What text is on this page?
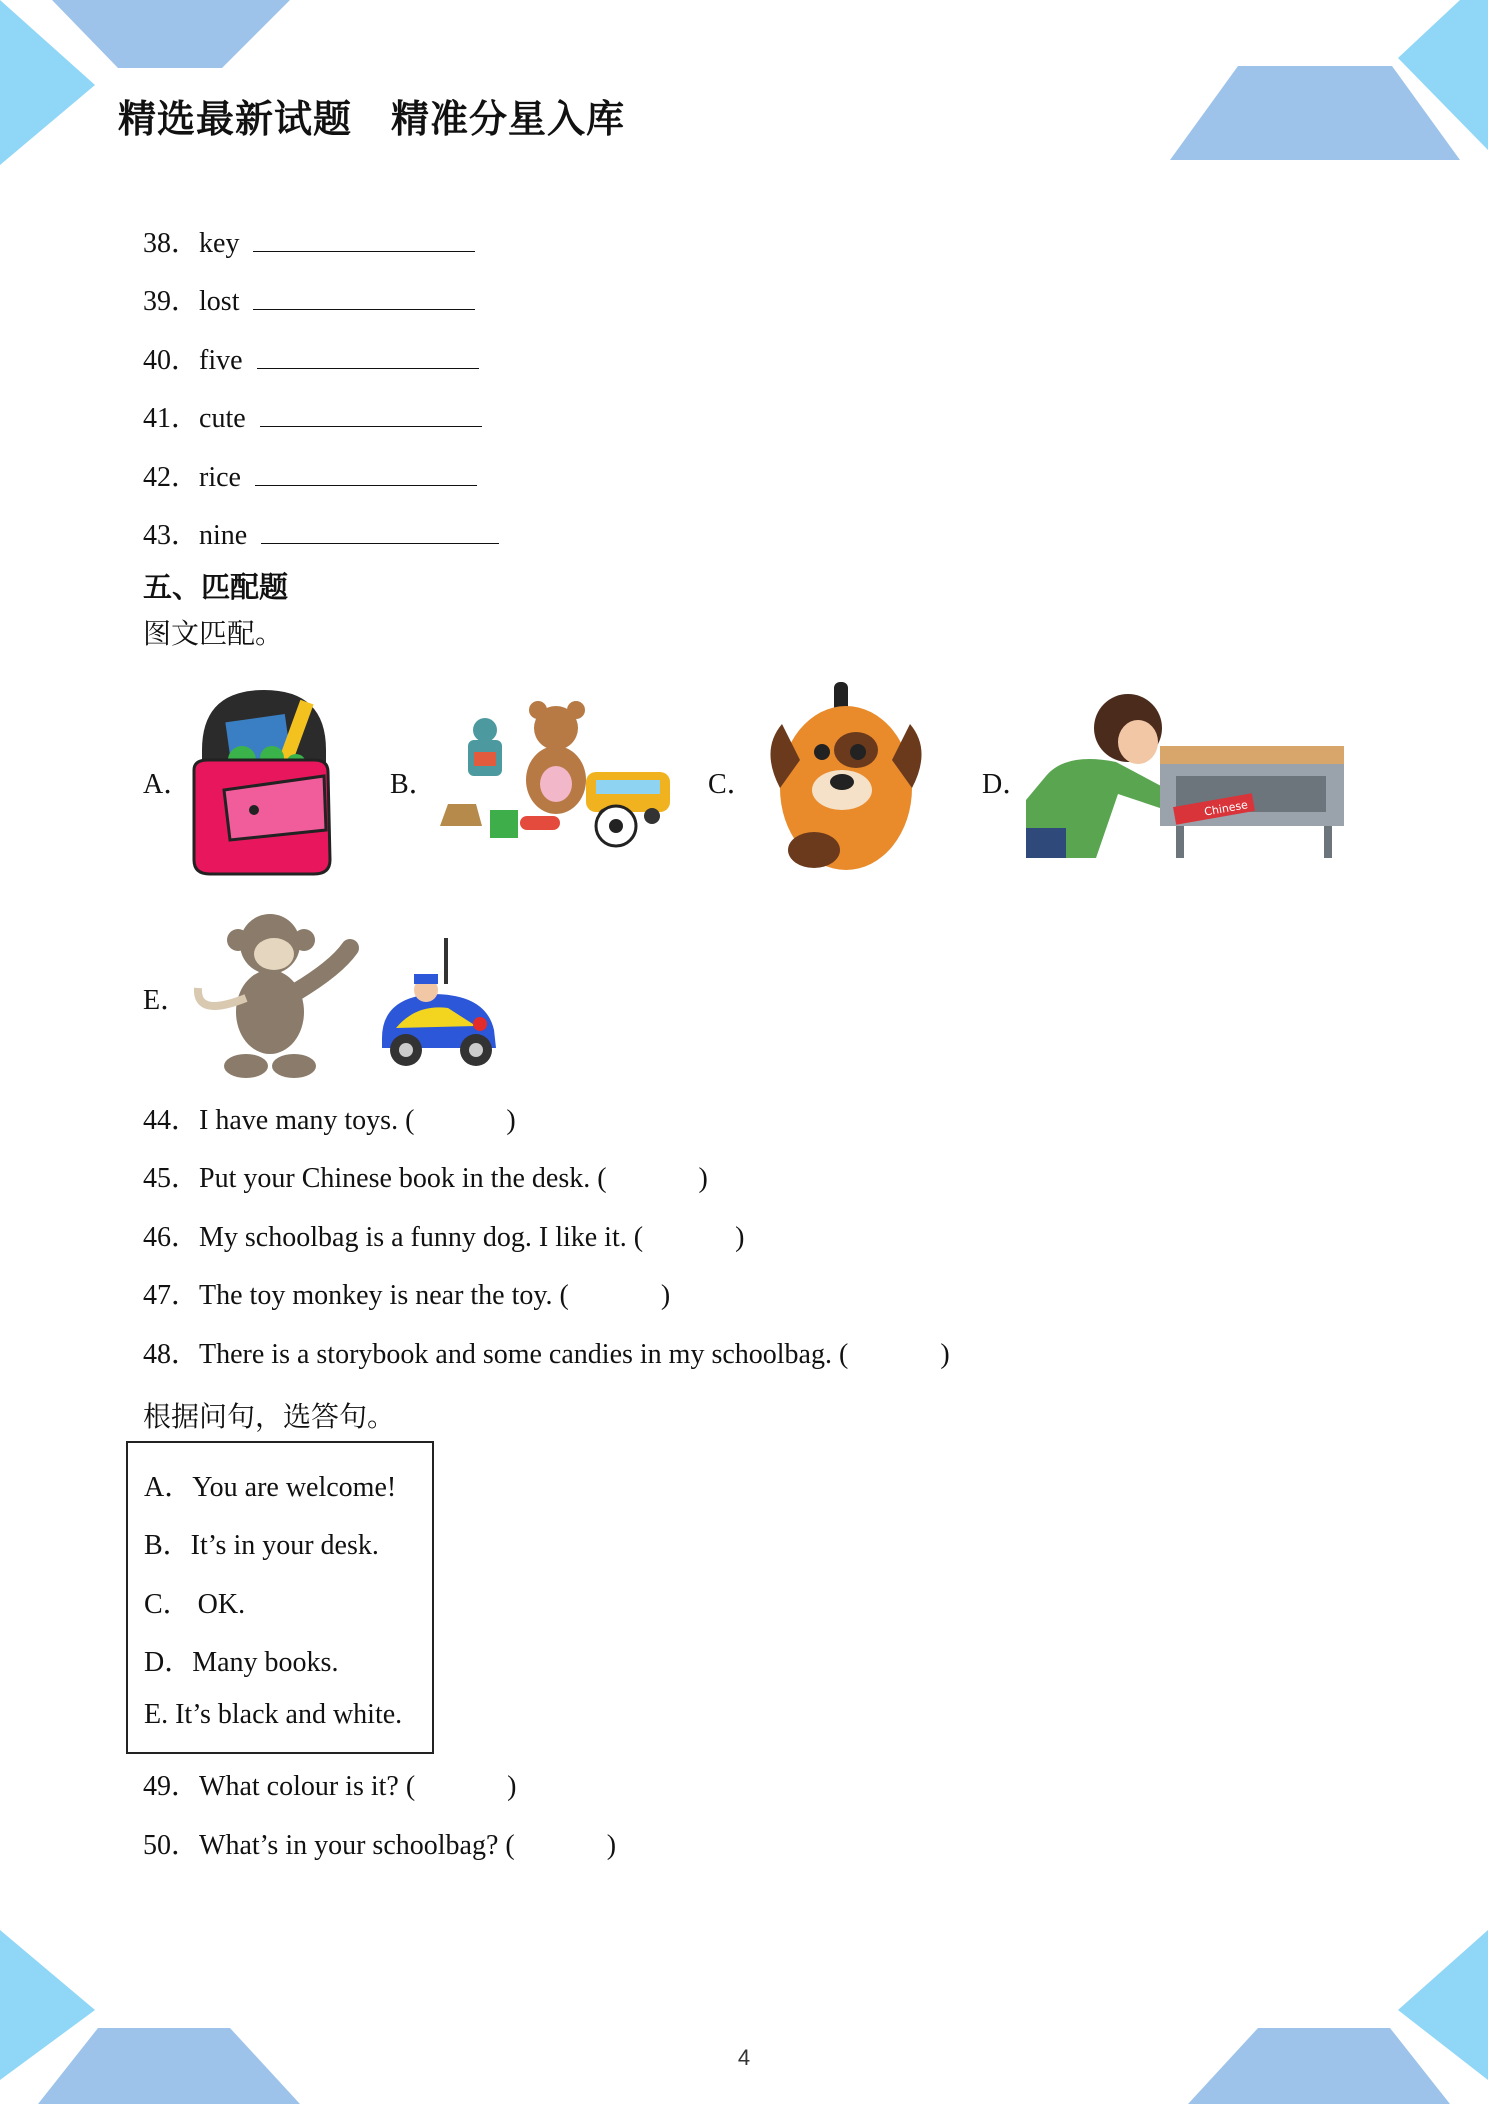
精选最新试题　精准分星入库
38．key
39．lost
40．five
41．cute
42．rice
43．nine
五、匹配题
图文匹配。
A．	B．	C．	D．
Chinese
E．
44．I have many toys. (	)
45．Put your Chinese book in the desk. (	)
46．My schoolbag is a funny dog. I like it. (	)
47．The toy monkey is near the toy. (	)
48．There is a storybook and some candies in my schoolbag. (	)
根据问句，选答句。
A．You are welcome!
B．It’s in your desk.
C． OK.
D．Many books.
E. It’s black and white.
49．What colour is it? (	)
50．What’s in your schoolbag? (	)
4
